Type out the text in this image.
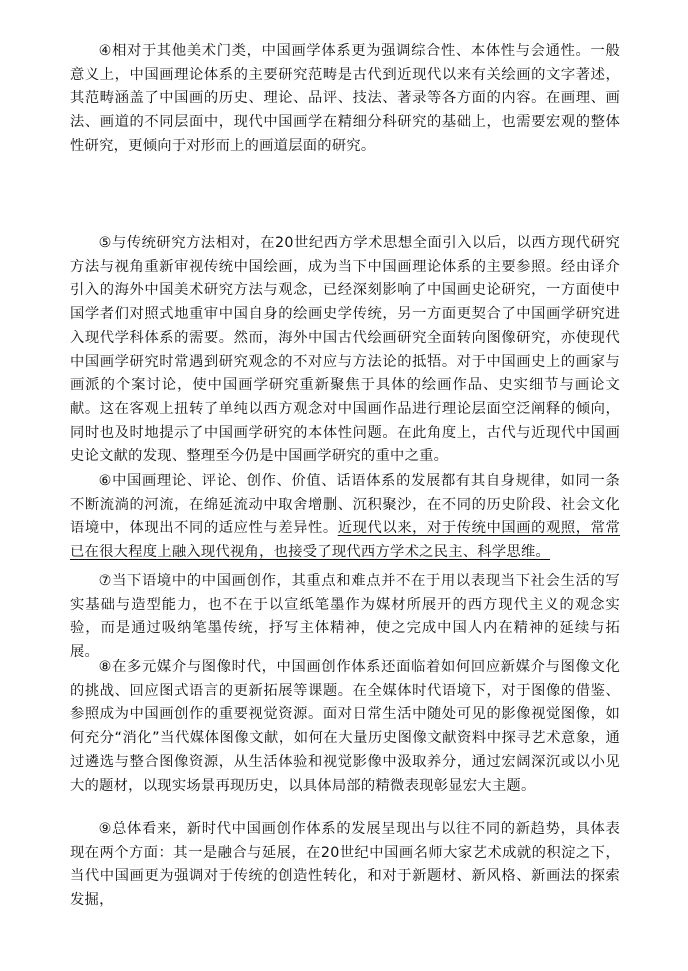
④相对于其他美术门类，中国画学体系更为强调综合性、本体性与会通性。一般意义上，中国画理论体系的主要研究范畴是古代到近现代以来有关绘画的文字著述，其范畴涵盖了中国画的历史、理论、品评、技法、著录等各方面的内容。在画理、画法、画道的不同层面中，现代中国画学在精细分科研究的基础上，也需要宏观的整体性研究，更倾向于对形而上的画道层面的研究。

⑤与传统研究方法相对，在20世纪西方学术思想全面引入以后，以西方现代研究方法与视角重新审视传统中国绘画，成为当下中国画理论体系的主要参照。经由译介引入的海外中国美术研究方法与观念，已经深刻影响了中国画史论研究，一方面使中国学者们对照式地重审中国自身的绘画史学传统，另一方面更契合了中国画学研究进入现代学科体系的需要。然而，海外中国古代绘画研究全面转向图像研究，亦使现代中国画学研究时常遇到研究观念的不对应与方法论的抵牾。对于中国画史上的画家与画派的个案讨论，使中国画学研究重新聚焦于具体的绘画作品、史实细节与画论文献。这在客观上扭转了单纯以西方观念对中国画作品进行理论层面空泛阐释的倾向，同时也及时地提示了中国画学研究的本体性问题。在此角度上，古代与近现代中国画史论文献的发现、整理至今仍是中国画学研究的重中之重。

⑥中国画理论、评论、创作、价值、话语体系的发展都有其自身规律，如同一条不断流淌的河流，在绵延流动中取舍增删、沉积聚沙，在不同的历史阶段、社会文化语境中，体现出不同的适应性与差异性。近现代以来，对于传统中国画的观照，常常已在很大程度上融入现代视角，也接受了现代西方学术之民主、科学思维。

⑦当下语境中的中国画创作，其重点和难点并不在于用以表现当下社会生活的写实基础与造型能力，也不在于以宣纸笔墨作为媒材所展开的西方现代主义的观念实验，而是通过吸纳笔墨传统，抒写主体精神，使之完成中国人内在精神的延续与拓展。

⑧在多元媒介与图像时代，中国画创作体系还面临着如何回应新媒介与图像文化的挑战、回应图式语言的更新拓展等课题。在全媒体时代语境下，对于图像的借鉴、参照成为中国画创作的重要视觉资源。面对日常生活中随处可见的影像视觉图像，如何充分“消化”当代媒体图像文献，如何在大量历史图像文献资料中探寻艺术意象，通过遴选与整合图像资源，从生活体验和视觉影像中汲取养分，通过宏阔深沉或以小见大的题材，以现实场景再现历史，以具体局部的精微表现彰显宏大主题。

⑨总体看来，新时代中国画创作体系的发展呈现出与以往不同的新趋势，具体表现在两个方面：其一是融合与延展，在20世纪中国画名师大家艺术成就的积淀之下，当代中国画更为强调对于传统的创造性转化，和对于新题材、新风格、新画法的探索发掘，
